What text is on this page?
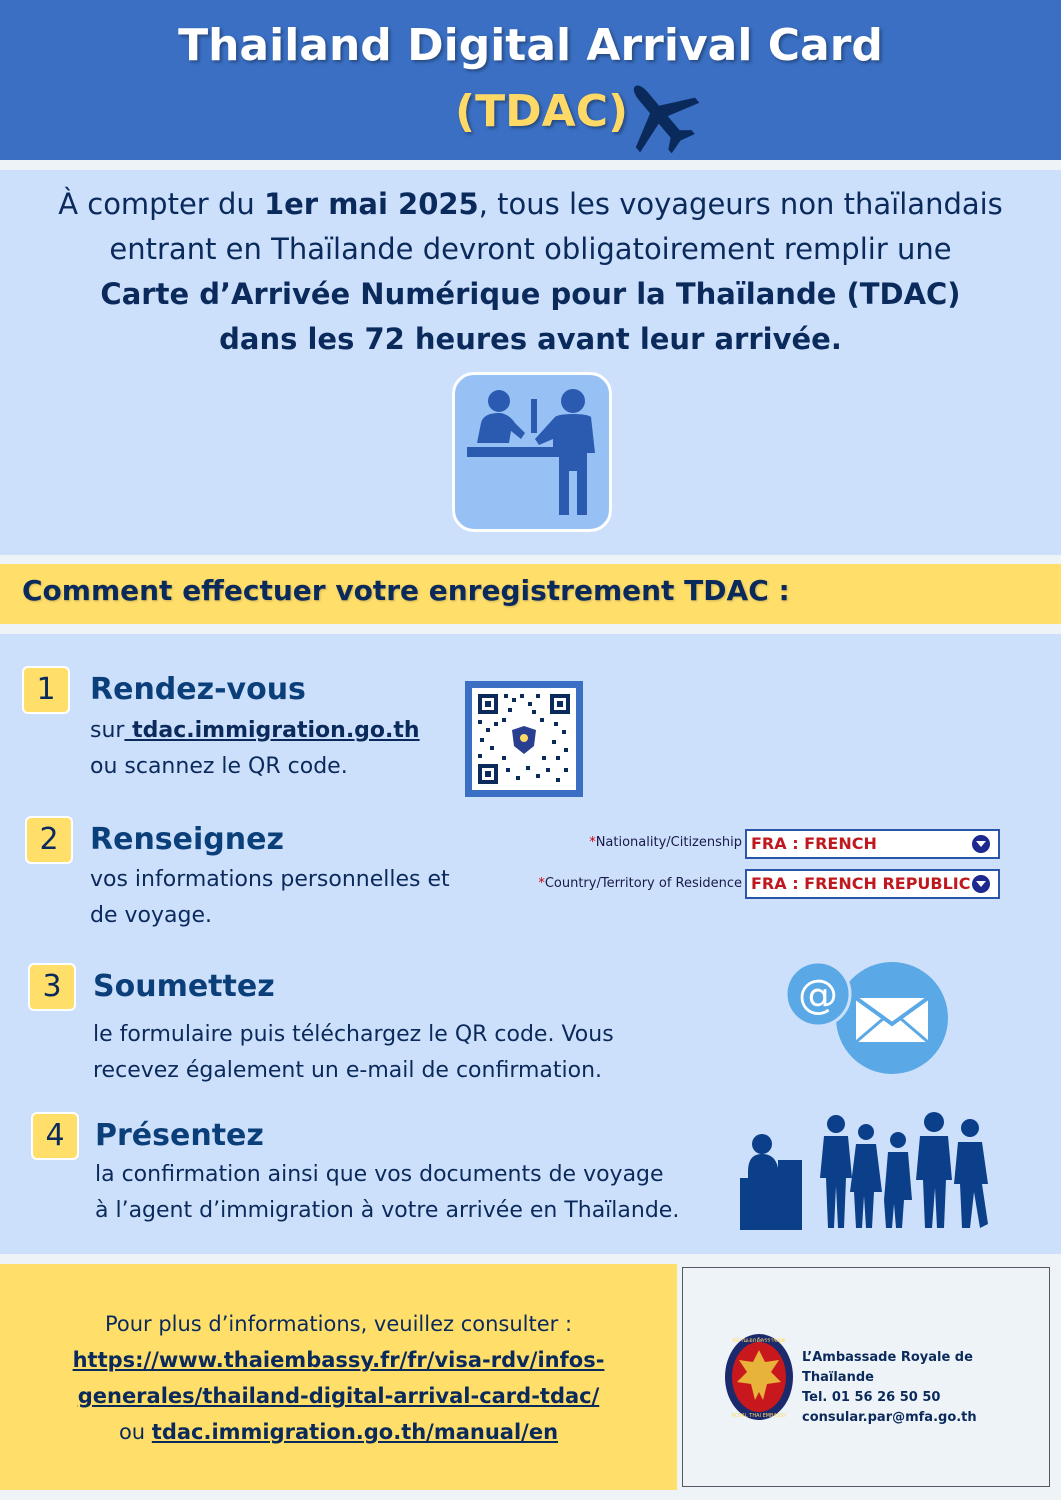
Thailand Digital Arrival Card
(TDAC)
À compter du 1er mai 2025, tous les voyageurs non thaïlandais
entrant en Thaïlande devront obligatoirement remplir une
Carte d’Arrivée Numérique pour la Thaïlande (TDAC)
dans les 72 heures avant leur arrivée.
Comment effectuer votre enregistrement TDAC :
1	Rendez-vous
sur tdac.immigration.go.th
ou scannez le QR code.
2	Renseignez
vos informations personnelles et
de voyage.
*Nationality/Citizenship FRA : FRENCH
*Country/Territory of Residence FRA : FRENCH REPUBLIC
3	Soumettez
le formulaire puis téléchargez le QR code. Vous
recevez également un e-mail de confirmation.
@
4	Présentez
la confirmation ainsi que vos documents de voyage
à l’agent d’immigration à votre arrivée en Thaïlande.
Pour plus d’informations, veuillez consulter :
https://www.thaiembassy.fr/fr/visa-rdv/infos-
generales/thailand-digital-arrival-card-tdac/
ou tdac.immigration.go.th/manual/en
สถานเอกอัครราชทูต
ROYAL THAI EMBASSY
L’Ambassade Royale de Thaïlande
Tel. 01 56 26 50 50
consular.par@mfa.go.th
